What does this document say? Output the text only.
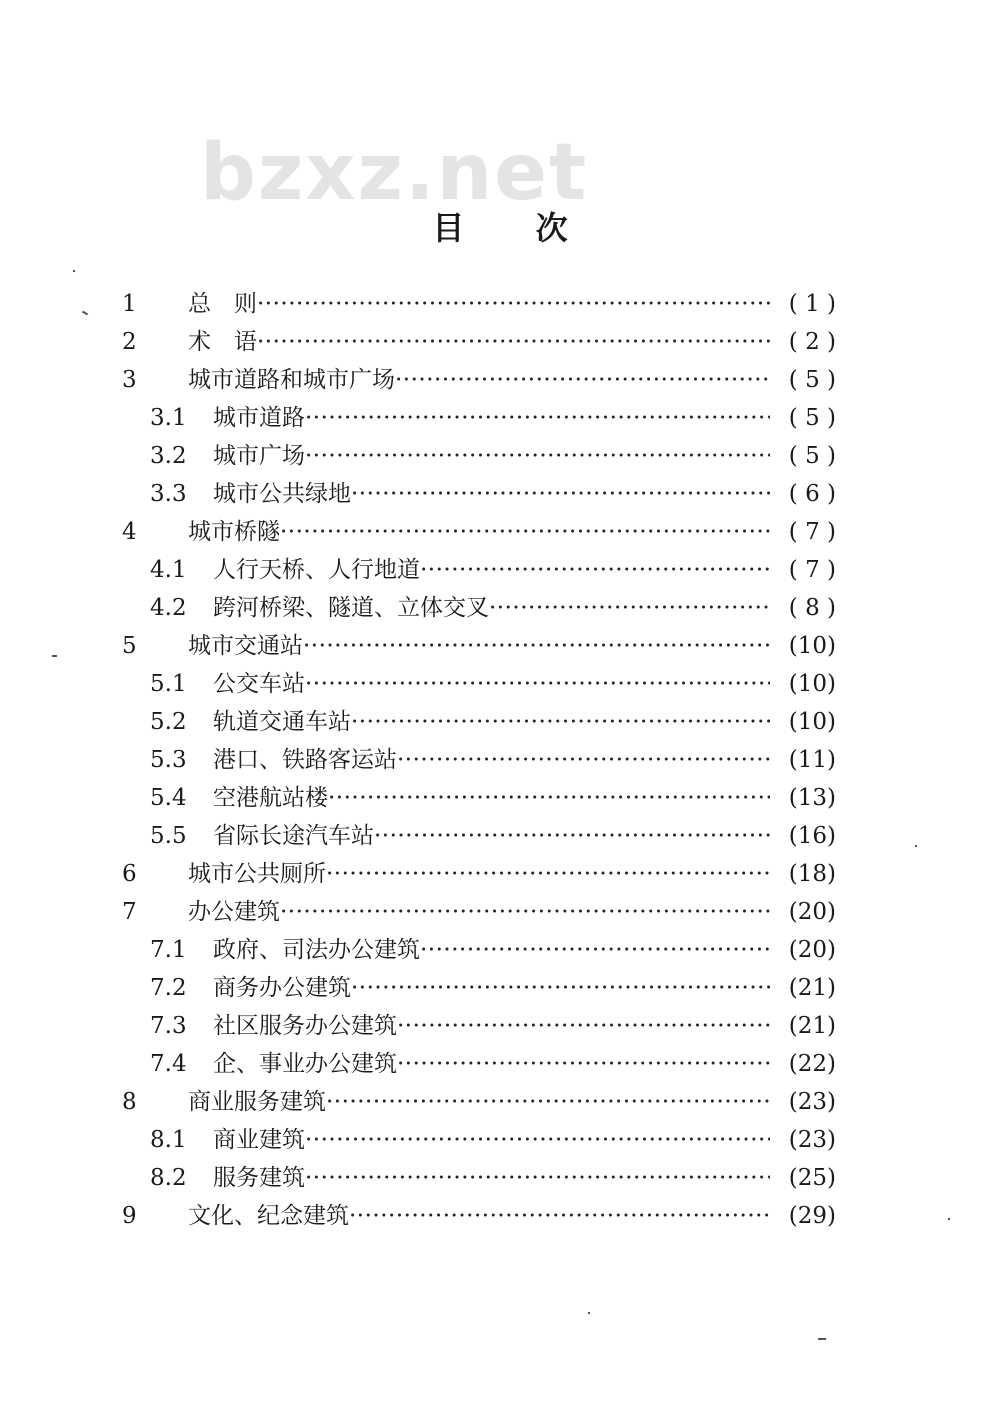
bzxz.net
目 次
1 总　则 ·····	( 1 )
2 术　语 ·····	( 2 )
3 城市道路和城市广场 ·····	( 5 )
3.1 城市道路 ·····	( 5 )
3.2 城市广场 ·····	( 5 )
3.3 城市公共绿地 ·····	( 6 )
4 城市桥隧 ·····	( 7 )
4.1 人行天桥、人行地道 ·····	( 7 )
4.2 跨河桥梁、隧道、立体交叉 ·····	( 8 )
5 城市交通站 ·····	(10)
5.1 公交车站 ·····	(10)
5.2 轨道交通车站 ·····	(10)
5.3 港口、铁路客运站 ·····	(11)
5.4 空港航站楼 ·····	(13)
5.5 省际长途汽车站 ·····	(16)
6 城市公共厕所 ·····	(18)
7 办公建筑 ·····	(20)
7.1 政府、司法办公建筑 ·····	(20)
7.2 商务办公建筑 ·····	(21)
7.3 社区服务办公建筑 ·····	(21)
7.4 企、事业办公建筑 ·····	(22)
8 商业服务建筑 ·····	(23)
8.1 商业建筑 ·····	(23)
8.2 服务建筑 ·····	(25)
9 文化、纪念建筑 ·····	(29)
